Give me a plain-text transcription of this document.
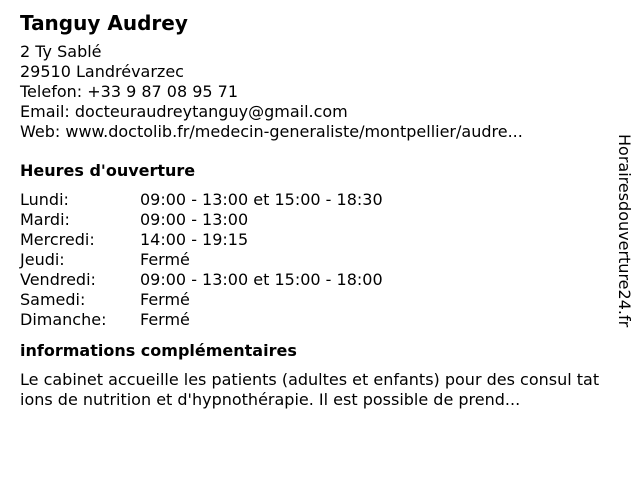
Tanguy Audrey
2 Ty Sablé
29510 Landrévarzec
Telefon: +33 9 87 08 95 71
Email: docteuraudreytanguy@gmail.com
Web: www.doctolib.fr/medecin-generaliste/montpellier/audre...
Heures d'ouverture
Lundi:	09:00 - 13:00 et 15:00 - 18:30
Mardi:	09:00 - 13:00
Mercredi:	14:00 - 19:15
Jeudi:	Fermé
Vendredi:	09:00 - 13:00 et 15:00 - 18:00
Samedi:	Fermé
Dimanche:	Fermé
informations complémentaires
Le cabinet accueille les patients (adultes et enfants) pour des consul tations de nutrition et d'hypnothérapie. Il est possible de prend...
Horairesdouverture24.fr
